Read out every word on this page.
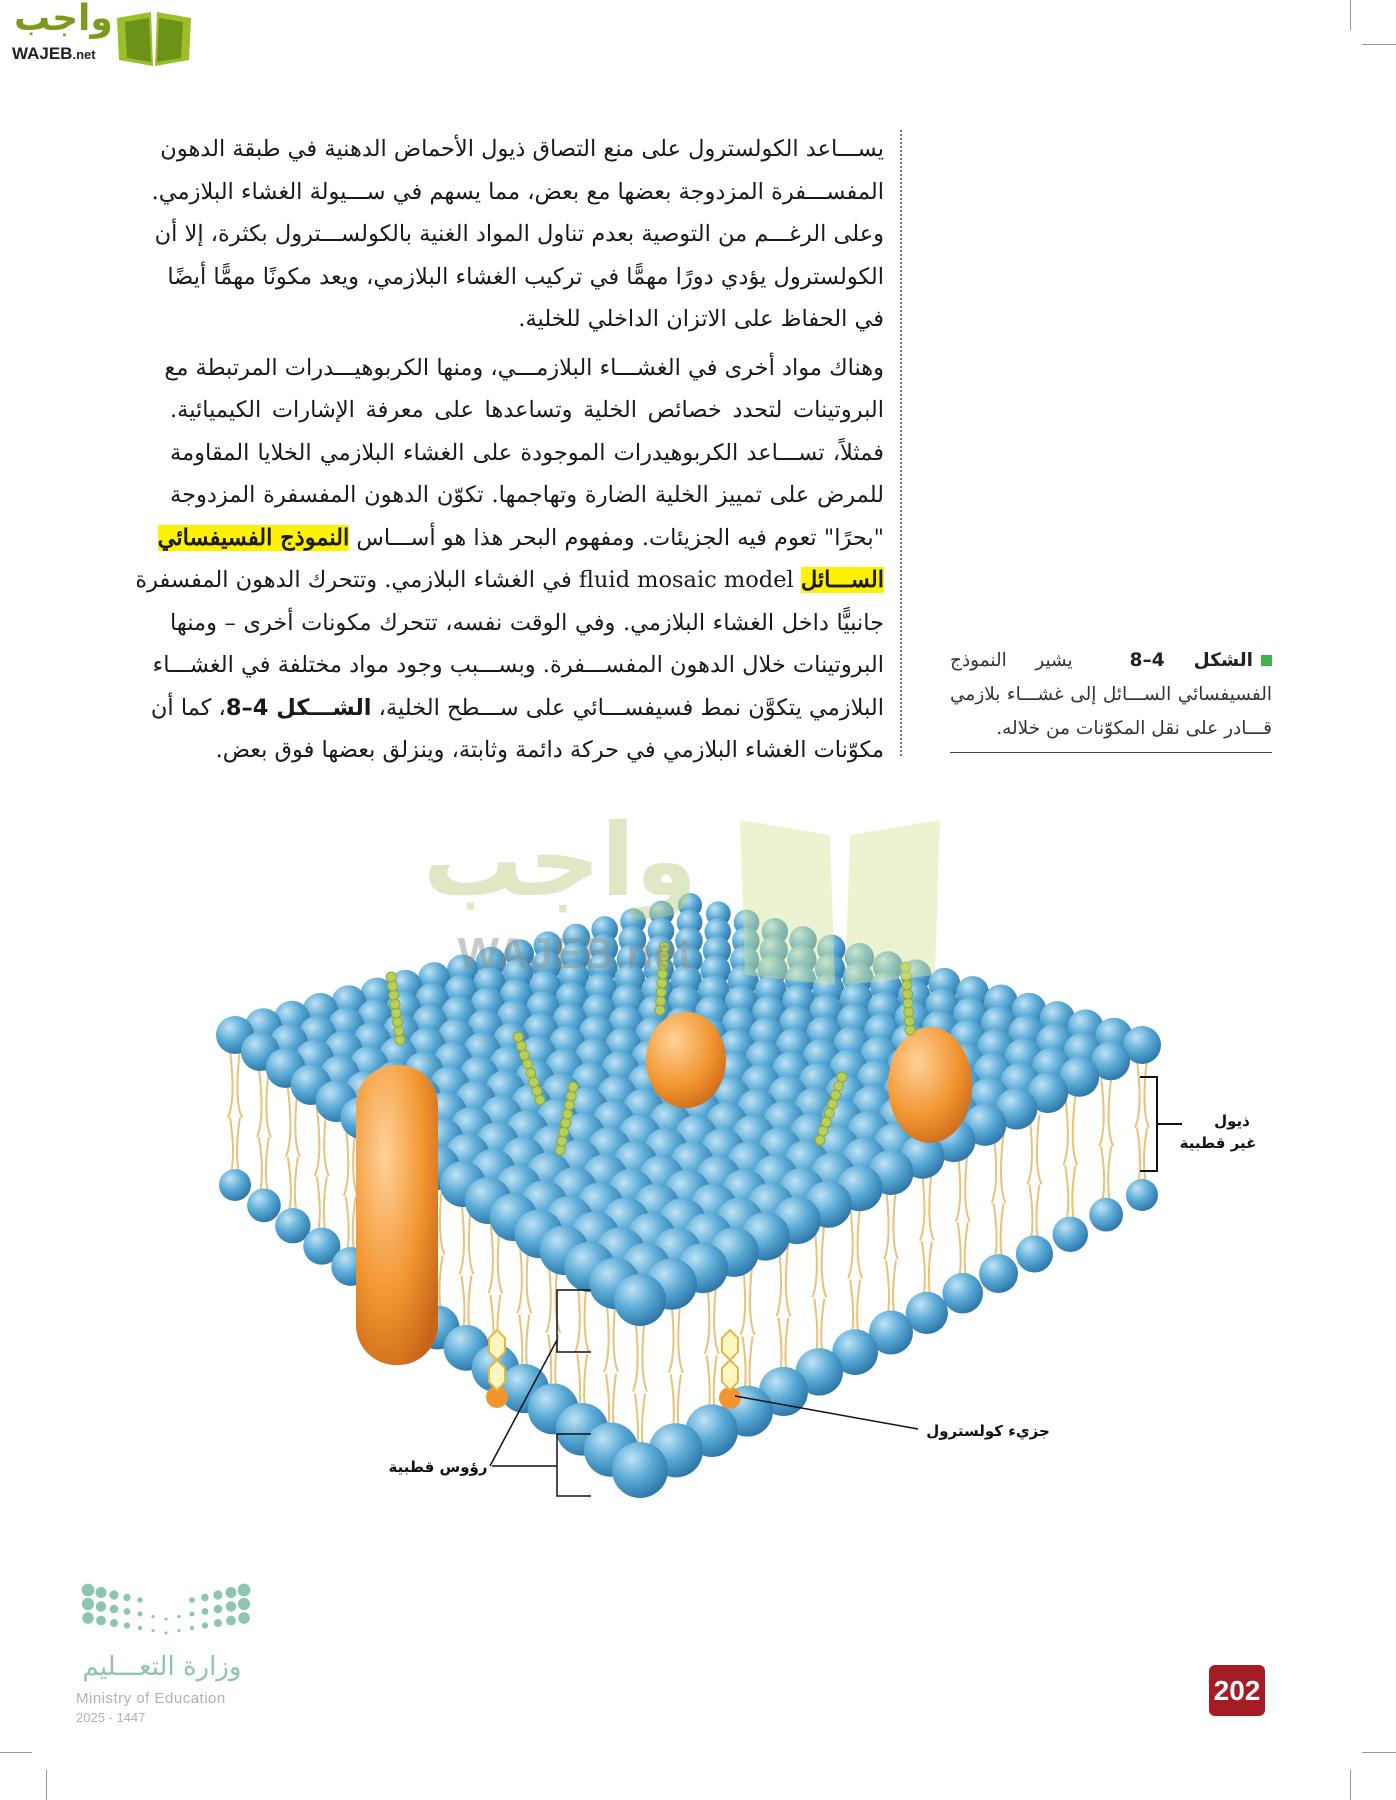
واجب
WAJEB.net
يســـاعد الكولسترول على منع التصاق ذيول الأحماض الدهنية في طبقة الدهون
المفســـفرة المزدوجة بعضها مع بعض، مما يسهم في ســـيولة الغشاء البلازمي.
وعلى الرغـــم من التوصية بعدم تناول المواد الغنية بالكولســـترول بكثرة، إلا أن
الكولسترول يؤدي دورًا مهمًّا في تركيب الغشاء البلازمي، ويعد مكونًا مهمًّا أيضًا
في الحفاظ على الاتزان الداخلي للخلية.
وهناك مواد أخرى في الغشـــاء البلازمـــي، ومنها الكربوهيـــدرات المرتبطة مع
البروتينات لتحدد خصائص الخلية وتساعدها على معرفة الإشارات الكيميائية.
فمثلاً، تســـاعد الكربوهيدرات الموجودة على الغشاء البلازمي الخلايا المقاومة
للمرض على تمييز الخلية الضارة وتهاجمها. تكوّن الدهون المفسفرة المزدوجة
"بحرًا" تعوم فيه الجزيئات. ومفهوم البحر هذا هو أســـاس النموذج الفسيفسائي
الســـائل fluid mosaic model في الغشاء البلازمي. وتتحرك الدهون المفسفرة
جانبيًّا داخل الغشاء البلازمي. وفي الوقت نفسه، تتحرك مكونات أخرى – ومنها
البروتينات خلال الدهون المفســـفرة. وبســـبب وجود مواد مختلفة في الغشـــاء
البلازمي يتكوَّن نمط فسيفســـائي على ســـطح الخلية، الشـــكل 4–8، كما أن
مكوّنات الغشاء البلازمي في حركة دائمة وثابتة، وينزلق بعضها فوق بعض.
الشكل 4–8  يشير النموذج الفسيفسائي الســـائل إلى غشـــاء بلازمي قـــادر على نقل المكوّنات من خلاله.
واجب
WAJEB.net
ذيول
غير قطبية
جزيء كولسترول
رؤوس قطبية
وزارة التعـــليم
Ministry of Education
2025 - 1447
202
